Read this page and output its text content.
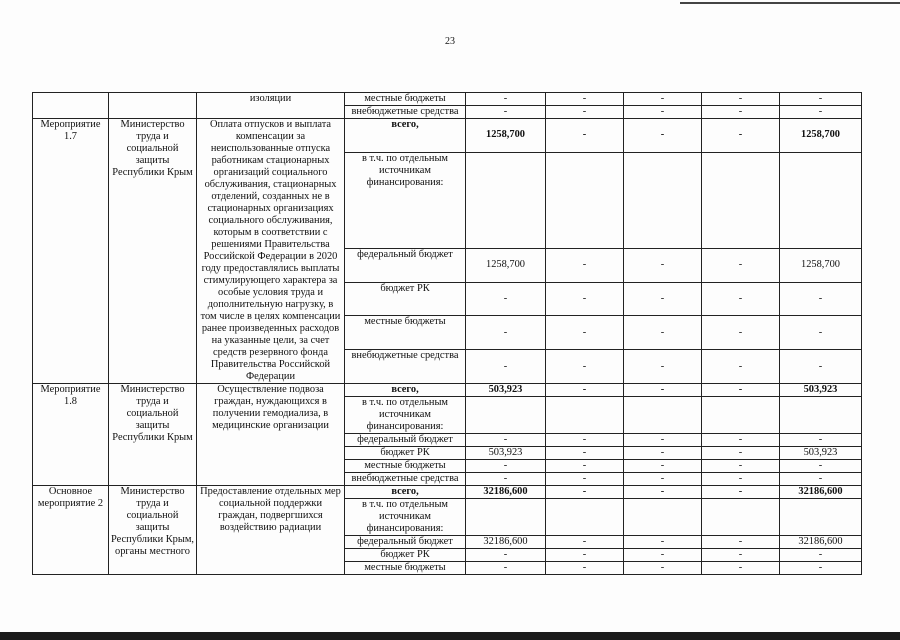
23
		изоляции	местные бюджеты	-	-	-	-	-
			внебюджетные средства	-	-	-	-	-
Мероприятие 1.7	Министерство труда и социальной защиты Республики Крым	Оплата отпусков и выплата компенсации за неиспользованные отпуска работникам стационарных организаций социального обслуживания, стационарных отделений, созданных не в стационарных организациях социального обслуживания, которым в соответствии с решениями Правительства Российской Федерации в 2020 году предоставлялись выплаты стимулирующего характера за особые условия труда и дополнительную нагрузку, в том числе в целях компенсации ранее произведенных расходов на указанные цели, за счет средств резервного фонда Правительства Российской Федерации	всего,	1258,700	-	-	-	1258,700
			в т.ч. по отдельным источникам финансирования:					
			федеральный бюджет	1258,700	-	-	-	1258,700
			бюджет РК	-	-	-	-	-
			местные бюджеты	-	-	-	-	-
			внебюджетные средства	-	-	-	-	-
Мероприятие 1.8	Министерство труда и социальной защиты Республики Крым	Осуществление подвоза граждан, нуждающихся в получении гемодиализа, в медицинские организации	всего,	503,923	-	-	-	503,923
			в т.ч. по отдельным источникам финансирования:					
			федеральный бюджет	-	-	-	-	-
			бюджет РК	503,923	-	-	-	503,923
			местные бюджеты	-	-	-	-	-
			внебюджетные средства	-	-	-	-	-
Основное мероприятие 2	Министерство труда и социальной защиты Республики Крым, органы местного	Предоставление отдельных мер социальной поддержки граждан, подвергшихся воздействию радиации	всего,	32186,600	-	-	-	32186,600
			в т.ч. по отдельным источникам финансирования:					
			федеральный бюджет	32186,600	-	-	-	32186,600
			бюджет РК	-	-	-	-	-
			местные бюджеты	-	-	-	-	-
